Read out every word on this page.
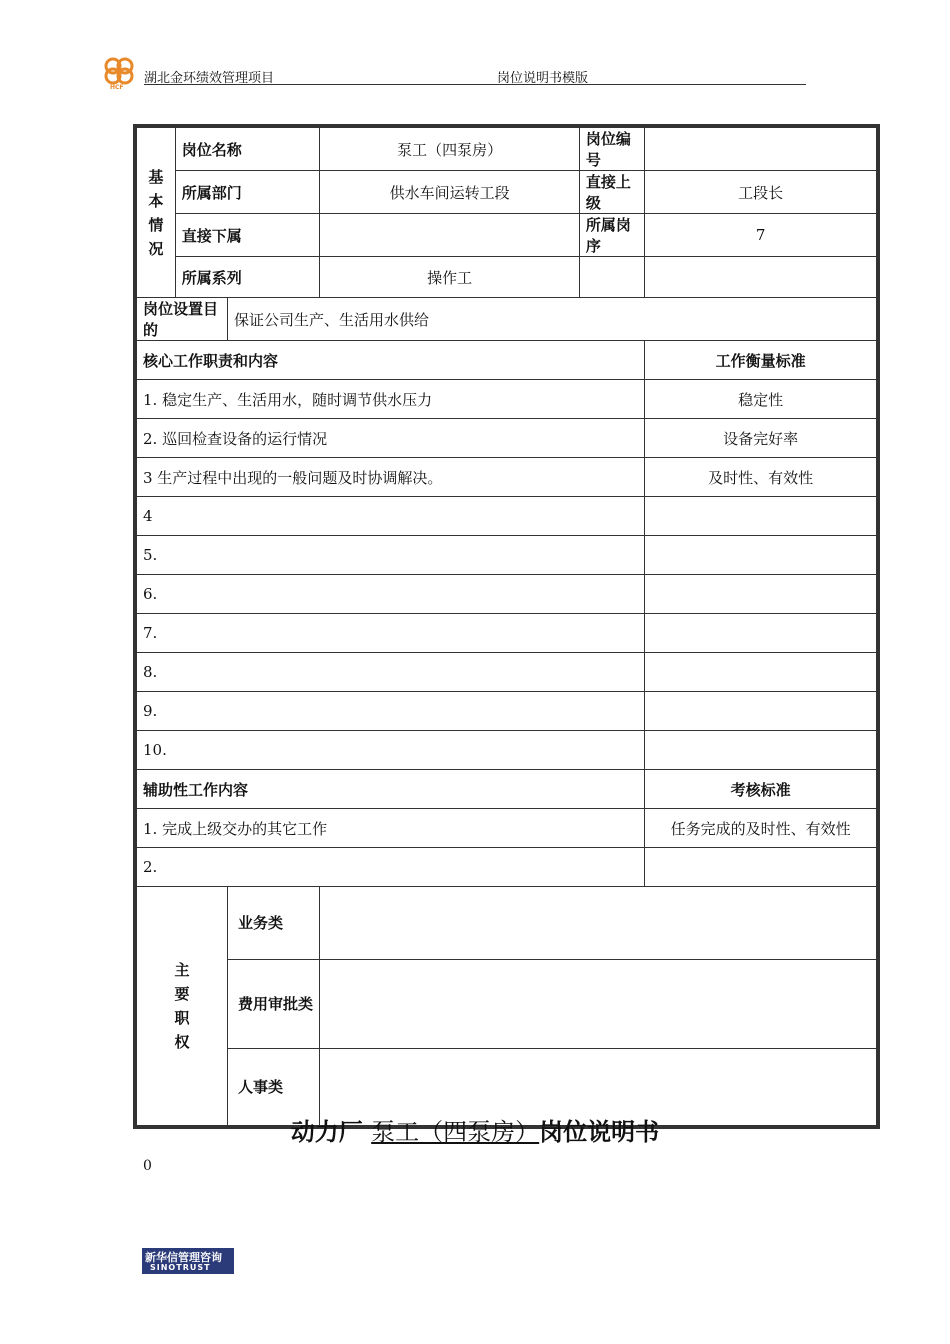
HCF
湖北金环绩效管理项目	岗位说明书模版
基
本
情
况	岗位名称		泵工（四泵房）	岗位编号	
	所属部门		供水车间运转工段	直接上级	工段长
	直接下属			所属岗序	7
	所属系列		操作工		
岗位设置目的		保证公司生产、生活用水供给			
核心工作职责和内容					工作衡量标准
1. 稳定生产、生活用水，随时调节供水压力					稳定性
2. 巡回检查设备的运行情况					设备完好率
3 生产过程中出现的一般问题及时协调解决。					及时性、有效性
4					
5.					
6.					
7.					
8.					
9.					
10.					
辅助性工作内容					考核标准
1. 完成上级交办的其它工作					任务完成的及时性、有效性
2.					
主
要
职
权		业务类			
		费用审批类			
		人事类			
动力厂 泵工（四泵房）岗位说明书
0
新华信管理咨询
SINOTRUST
